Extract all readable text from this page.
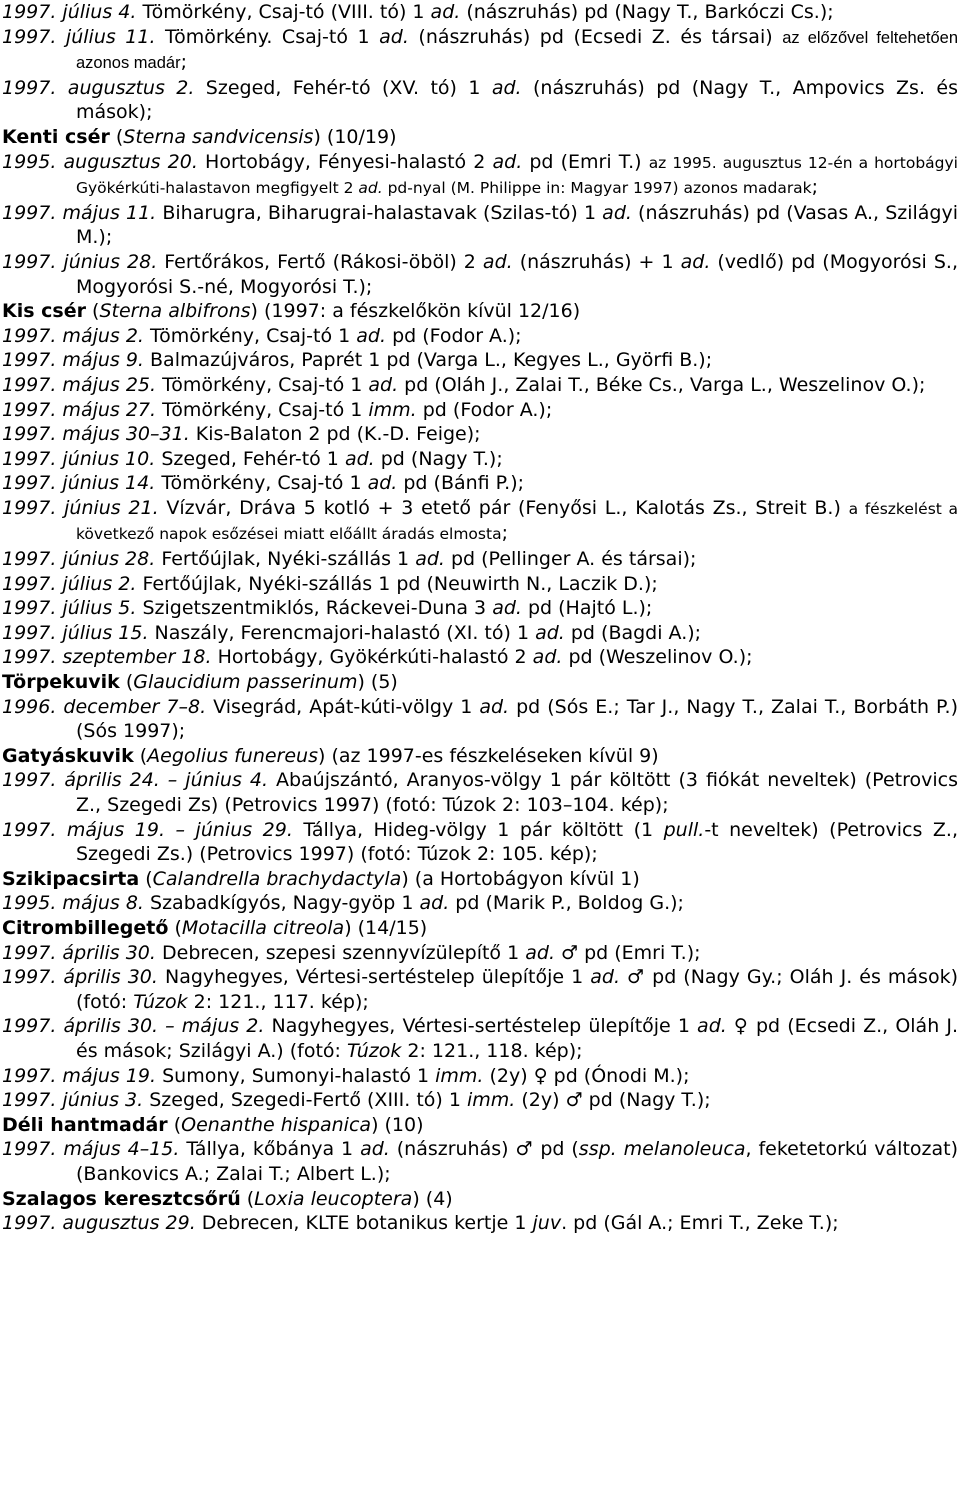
1997. július 4. Tömörkény, Csaj-tó (VIII. tó) 1 ad. (nászruhás) pd (Nagy T., Barkóczi Cs.);

1997. július 11. Tömörkény. Csaj-tó 1 ad. (nászruhás) pd (Ecsedi Z. és társai) az előzővel feltehetően azonos madár;

1997. augusztus 2. Szeged, Fehér-tó (XV. tó) 1 ad. (nászruhás) pd (Nagy T., Ampovics Zs. és mások);

Kenti csér (Sterna sandvicensis) (10/19)

1995. augusztus 20. Hortobágy, Fényesi-halastó 2 ad. pd (Emri T.) az 1995. augusztus 12-én a hortobágyi Gyökérkúti-halastavon megfigyelt 2 ad. pd-nyal (M. Philippe in: Magyar 1997) azonos madarak;

1997. május 11. Biharugra, Biharugrai-halastavak (Szilas-tó) 1 ad. (nászruhás) pd (Vasas A., Szilágyi M.);

1997. június 28. Fertőrákos, Fertő (Rákosi-öböl) 2 ad. (nászruhás) + 1 ad. (vedlő) pd (Mogyorósi S., Mogyorósi S.-né, Mogyorósi T.);

Kis csér (Sterna albifrons) (1997: a fészkelőkön kívül 12/16)

1997. május 2. Tömörkény, Csaj-tó 1 ad. pd (Fodor A.);

1997. május 9. Balmazújváros, Paprét 1 pd (Varga L., Kegyes L., Györfi B.);

1997. május 25. Tömörkény, Csaj-tó 1 ad. pd (Oláh J., Zalai T., Béke Cs., Varga L., Weszelinov O.);

1997. május 27. Tömörkény, Csaj-tó 1 imm. pd (Fodor A.);

1997. május 30–31. Kis-Balaton 2 pd (K.-D. Feige);

1997. június 10. Szeged, Fehér-tó 1 ad. pd (Nagy T.);

1997. június 14. Tömörkény, Csaj-tó 1 ad. pd (Bánfi P.);

1997. június 21. Vízvár, Dráva 5 kotló + 3 etető pár (Fenyősi L., Kalotás Zs., Streit B.) a fészkelést a következő napok esőzései miatt előállt áradás elmosta;

1997. június 28. Fertőújlak, Nyéki-szállás 1 ad. pd (Pellinger A. és társai);

1997. július 2. Fertőújlak, Nyéki-szállás 1 pd (Neuwirth N., Laczik D.);

1997. július 5. Szigetszentmiklós, Ráckevei-Duna 3 ad. pd (Hajtó L.);

1997. július 15. Naszály, Ferencmajori-halastó (XI. tó) 1 ad. pd (Bagdi A.);

1997. szeptember 18. Hortobágy, Gyökérkúti-halastó 2 ad. pd (Weszelinov O.);

Törpekuvik (Glaucidium passerinum) (5)

1996. december 7–8. Visegrád, Apát-kúti-völgy 1 ad. pd (Sós E.; Tar J., Nagy T., Zalai T., Borbáth P.) (Sós 1997);

Gatyáskuvik (Aegolius funereus) (az 1997-es fészkeléseken kívül 9)

1997. április 24. – június 4. Abaújszántó, Aranyos-völgy 1 pár költött (3 fiókát neveltek) (Petrovics Z., Szegedi Zs) (Petrovics 1997) (fotó: Túzok 2: 103–104. kép);

1997. május 19. – június 29. Tállya, Hideg-völgy 1 pár költött (1 pull.-t neveltek) (Petrovics Z., Szegedi Zs.) (Petrovics 1997) (fotó: Túzok 2: 105. kép);

Szikipacsirta (Calandrella brachydactyla) (a Hortobágyon kívül 1)

1995. május 8. Szabadkígyós, Nagy-gyöp 1 ad. pd (Marik P., Boldog G.);

Citrombillegető (Motacilla citreola) (14/15)

1997. április 30. Debrecen, szepesi szennyvízülepítő 1 ad. ♂ pd (Emri T.);

1997. április 30. Nagyhegyes, Vértesi-sertéstelep ülepítője 1 ad. ♂ pd (Nagy Gy.; Oláh J. és mások) (fotó: Túzok 2: 121., 117. kép);

1997. április 30. – május 2. Nagyhegyes, Vértesi-sertéstelep ülepítője 1 ad. ♀ pd (Ecsedi Z., Oláh J. és mások; Szilágyi A.) (fotó: Túzok 2: 121., 118. kép);

1997. május 19. Sumony, Sumonyi-halastó 1 imm. (2y) ♀ pd (Ónodi M.);

1997. június 3. Szeged, Szegedi-Fertő (XIII. tó) 1 imm. (2y) ♂ pd (Nagy T.);

Déli hantmadár (Oenanthe hispanica) (10)

1997. május 4–15. Tállya, kőbánya 1 ad. (nászruhás) ♂ pd (ssp. melanoleuca, feketetorkú változat) (Bankovics A.; Zalai T.; Albert L.);

Szalagos keresztcsőrű (Loxia leucoptera) (4)

1997. augusztus 29. Debrecen, KLTE botanikus kertje 1 juv. pd (Gál A.; Emri T., Zeke T.);
